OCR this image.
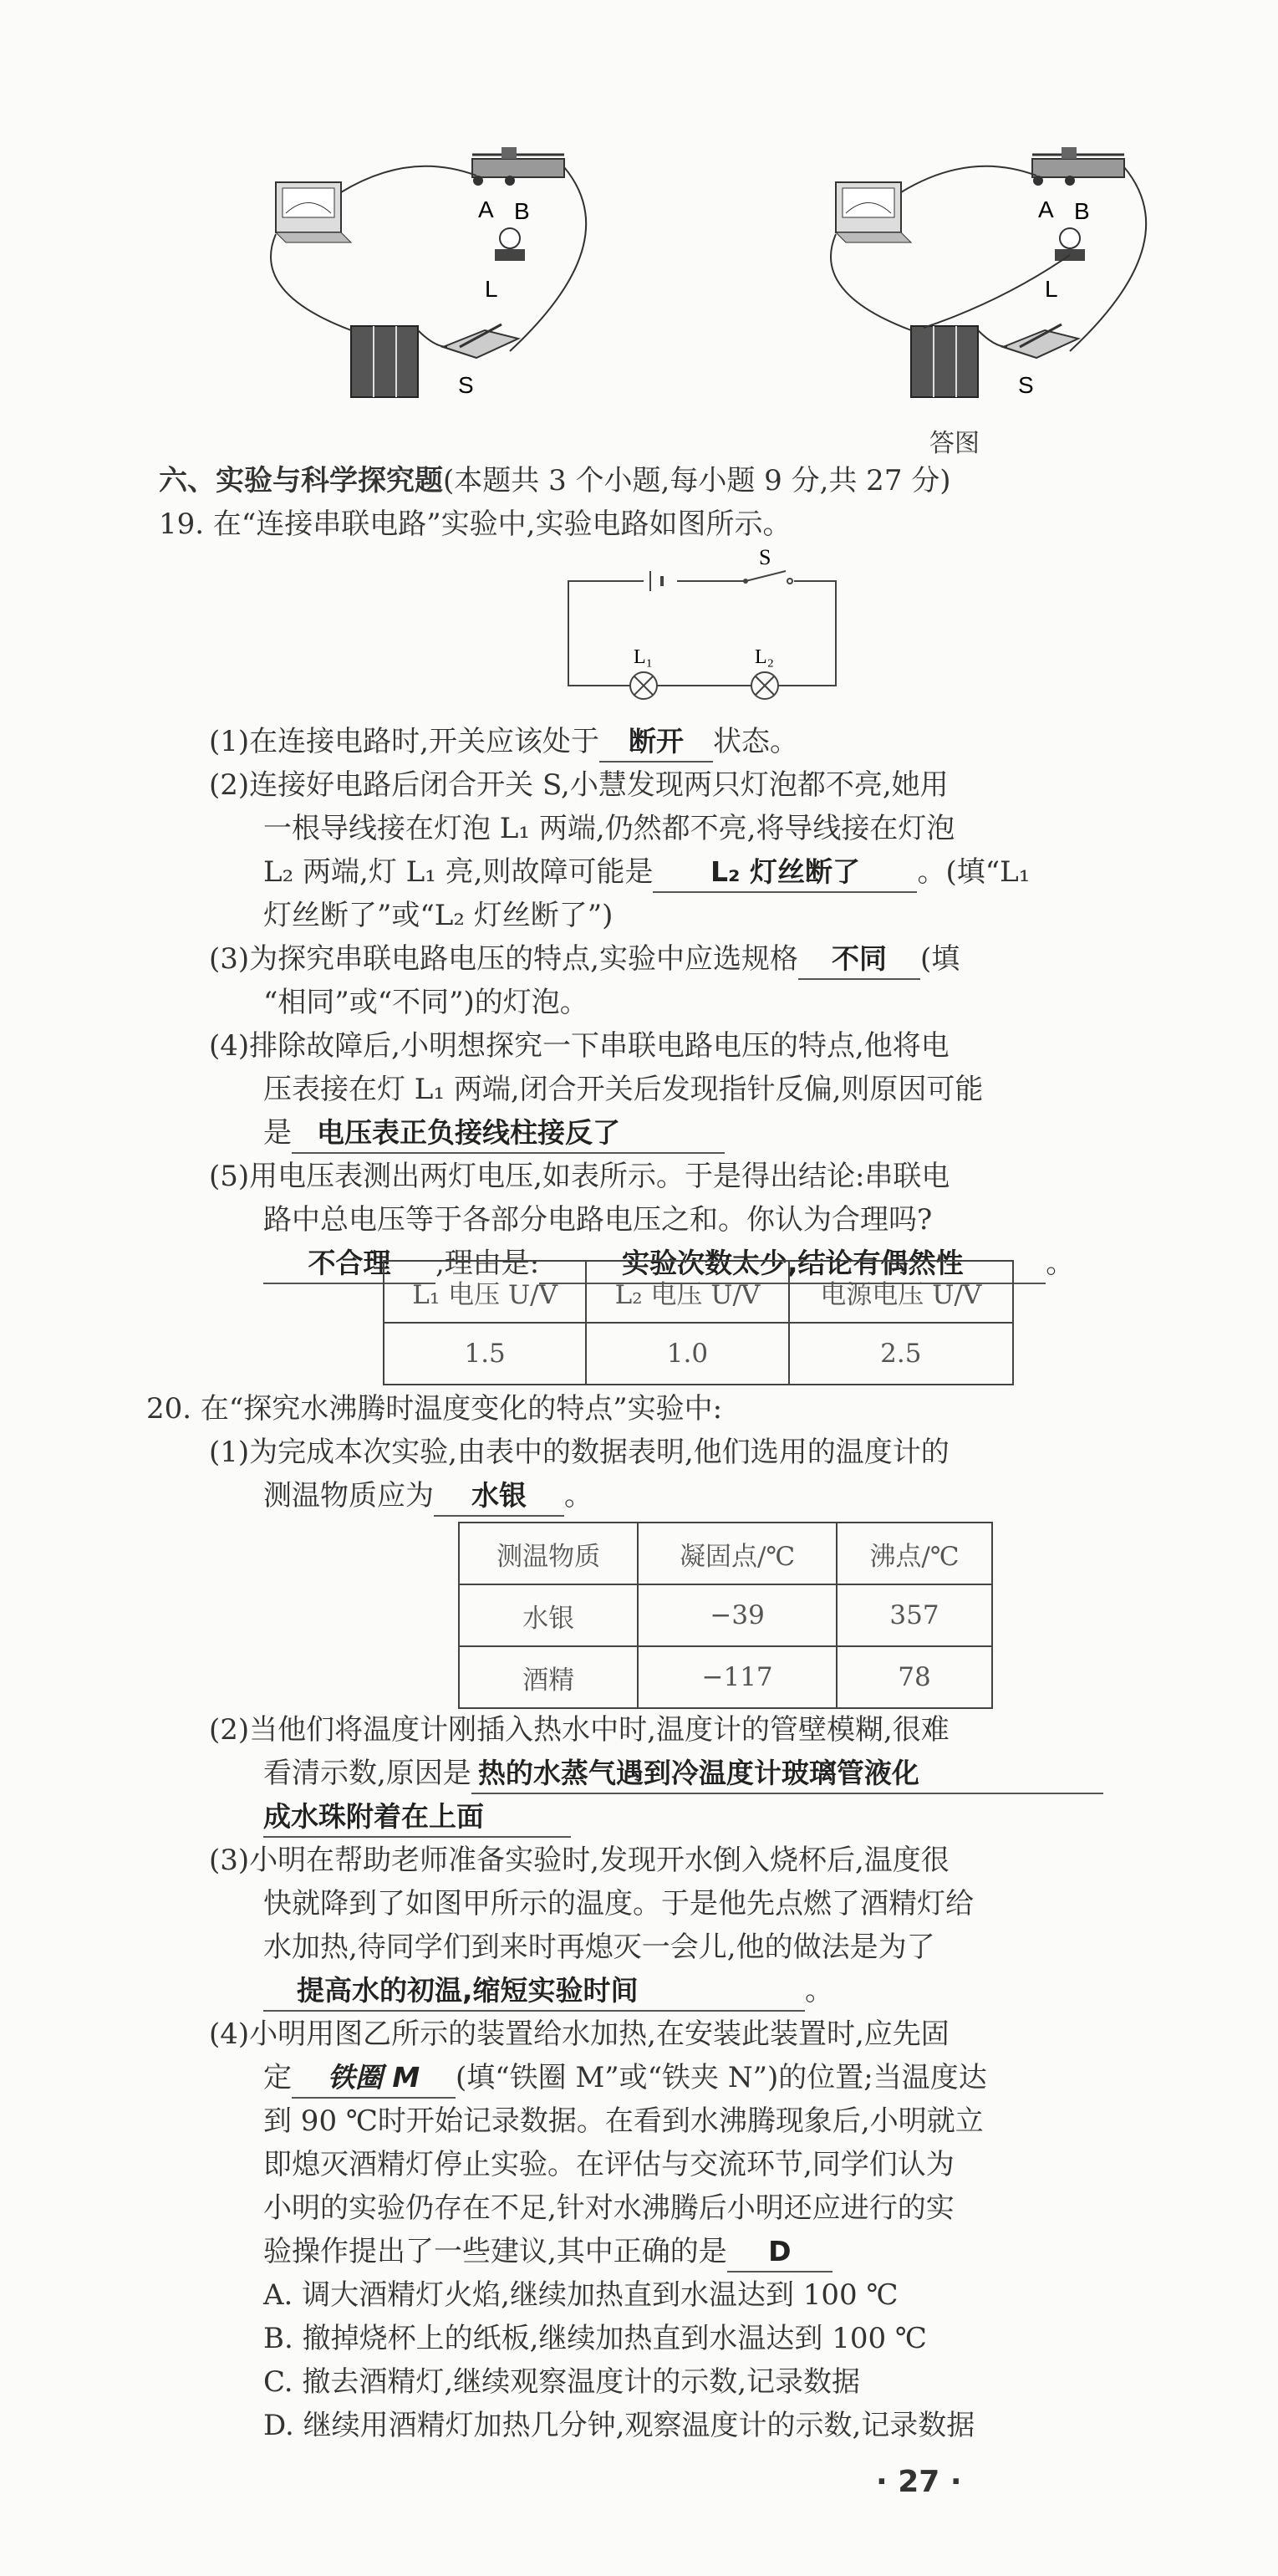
A B
L
S
A B
L
S
答图
六、实验与科学探究题(本题共 3 个小题,每小题 9 分,共 27 分)
19. 在“连接串联电路”实验中,实验电路如图所示。
S
L₁	L₂
(1)在连接电路时,开关应该处于 断开 状态。
(2)连接好电路后闭合开关 S,小慧发现两只灯泡都不亮,她用
一根导线接在灯泡 L₁ 两端,仍然都不亮,将导线接在灯泡
L₂ 两端,灯 L₁ 亮,则故障可能是 L₂ 灯丝断了 。(填“L₁
灯丝断了”或“L₂ 灯丝断了”)
(3)为探究串联电路电压的特点,实验中应选规格 不同 (填
“相同”或“不同”)的灯泡。
(4)排除故障后,小明想探究一下串联电路电压的特点,他将电
压表接在灯 L₁ 两端,闭合开关后发现指针反偏,则原因可能
是 电压表正负接线柱接反了
(5)用电压表测出两灯电压,如表所示。于是得出结论:串联电
路中总电压等于各部分电路电压之和。你认为合理吗?
不合理 ,理由是:	实验次数太少,结论有偶然性	。
L₁ 电压 U/V	L₂ 电压 U/V	电源电压 U/V
1.5	1.0	2.5
20. 在“探究水沸腾时温度变化的特点”实验中:
(1)为完成本次实验,由表中的数据表明,他们选用的温度计的
测温物质应为 水银 。
测温物质	凝固点/℃	沸点/℃
水银	−39	357
酒精	−117	78
(2)当他们将温度计刚插入热水中时,温度计的管壁模糊,很难
看清示数,原因是 热的水蒸气遇到冷温度计玻璃管液化
成水珠附着在上面
(3)小明在帮助老师准备实验时,发现开水倒入烧杯后,温度很
快就降到了如图甲所示的温度。于是他先点燃了酒精灯给
水加热,待同学们到来时再熄灭一会儿,他的做法是为了
提高水的初温,缩短实验时间	。
(4)小明用图乙所示的装置给水加热,在安装此装置时,应先固
定 铁圈 M (填“铁圈 M”或“铁夹 N”)的位置;当温度达
到 90 ℃时开始记录数据。在看到水沸腾现象后,小明就立
即熄灭酒精灯停止实验。在评估与交流环节,同学们认为
小明的实验仍存在不足,针对水沸腾后小明还应进行的实
验操作提出了一些建议,其中正确的是 D
A. 调大酒精灯火焰,继续加热直到水温达到 100 ℃
B. 撤掉烧杯上的纸板,继续加热直到水温达到 100 ℃
C. 撤去酒精灯,继续观察温度计的示数,记录数据
D. 继续用酒精灯加热几分钟,观察温度计的示数,记录数据
· 27 ·
